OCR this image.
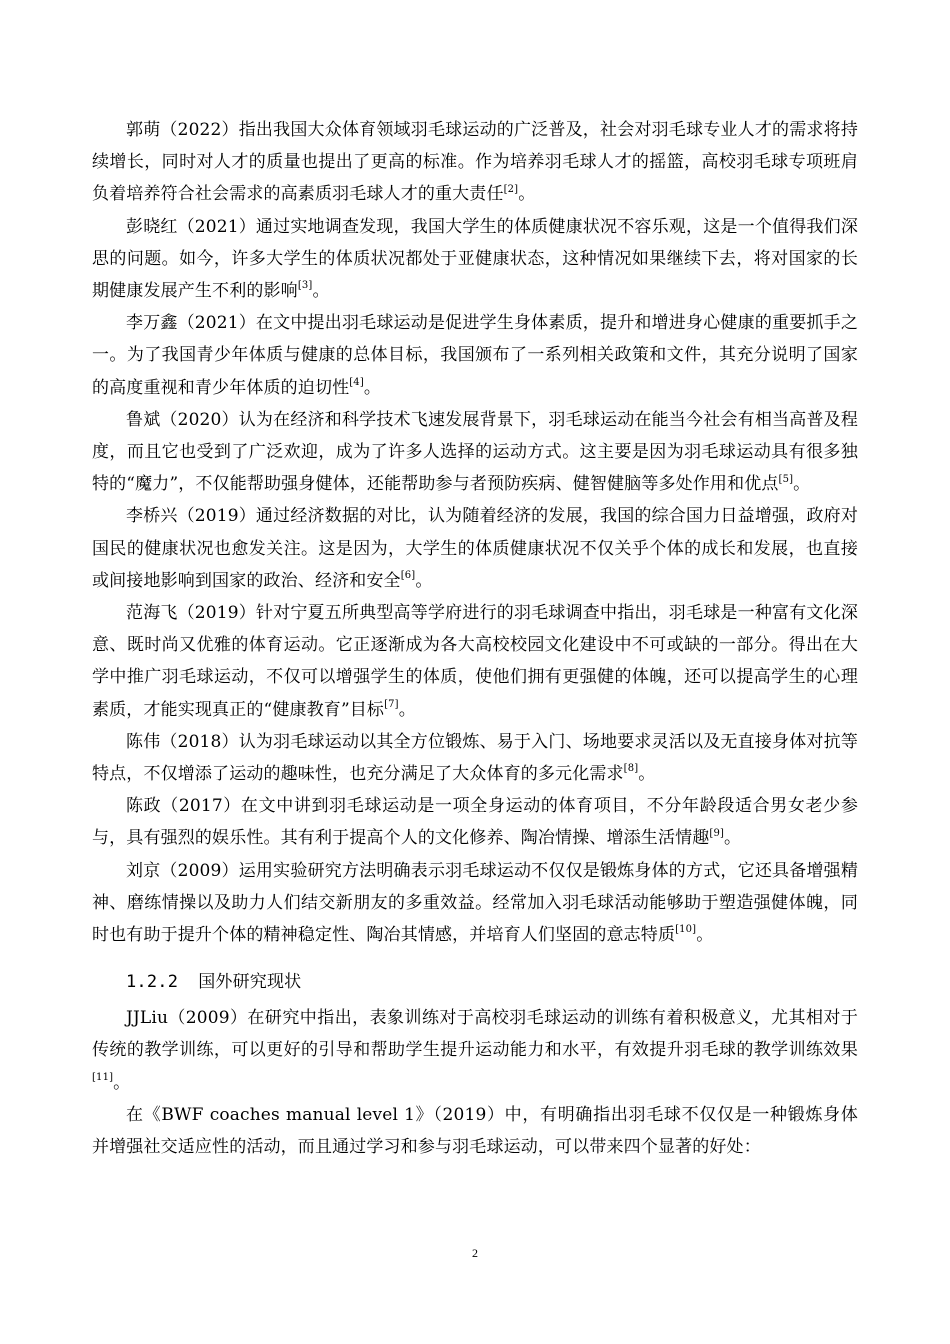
郭萌（2022）指出我国大众体育领域羽毛球运动的广泛普及，社会对羽毛球专业人才的需求将持续增长，同时对人才的质量也提出了更高的标准。作为培养羽毛球人才的摇篮，高校羽毛球专项班肩负着培养符合社会需求的高素质羽毛球人才的重大责任[2]。

彭晓红（2021）通过实地调查发现，我国大学生的体质健康状况不容乐观，这是一个值得我们深思的问题。如今，许多大学生的体质状况都处于亚健康状态，这种情况如果继续下去，将对国家的长期健康发展产生不利的影响[3]。

李万鑫（2021）在文中提出羽毛球运动是促进学生身体素质，提升和增进身心健康的重要抓手之一。为了我国青少年体质与健康的总体目标，我国颁布了一系列相关政策和文件，其充分说明了国家的高度重视和青少年体质的迫切性[4]。

鲁斌（2020）认为在经济和科学技术飞速发展背景下，羽毛球运动在能当今社会有相当高普及程度，而且它也受到了广泛欢迎，成为了许多人选择的运动方式。这主要是因为羽毛球运动具有很多独特的“魔力”，不仅能帮助强身健体，还能帮助参与者预防疾病、健智健脑等多处作用和优点[5]。

李桥兴（2019）通过经济数据的对比，认为随着经济的发展，我国的综合国力日益增强，政府对国民的健康状况也愈发关注。这是因为，大学生的体质健康状况不仅关乎个体的成长和发展，也直接或间接地影响到国家的政治、经济和安全[6]。

范海飞（2019）针对宁夏五所典型高等学府进行的羽毛球调查中指出，羽毛球是一种富有文化深意、既时尚又优雅的体育运动。它正逐渐成为各大高校校园文化建设中不可或缺的一部分。得出在大学中推广羽毛球运动，不仅可以增强学生的体质，使他们拥有更强健的体魄，还可以提高学生的心理素质，才能实现真正的“健康教育”目标[7]。

陈伟（2018）认为羽毛球运动以其全方位锻炼、易于入门、场地要求灵活以及无直接身体对抗等特点，不仅增添了运动的趣味性，也充分满足了大众体育的多元化需求[8]。

陈政（2017）在文中讲到羽毛球运动是一项全身运动的体育项目，不分年龄段适合男女老少参与，具有强烈的娱乐性。其有利于提高个人的文化修养、陶冶情操、增添生活情趣[9]。

刘京（2009）运用实验研究方法明确表示羽毛球运动不仅仅是锻炼身体的方式，它还具备增强精神、磨练情操以及助力人们结交新朋友的多重效益。经常加入羽毛球活动能够助于塑造强健体魄，同时也有助于提升个体的精神稳定性、陶冶其情感，并培育人们坚固的意志特质[10]。

1.2.2 国外研究现状

JJLiu（2009）在研究中指出，表象训练对于高校羽毛球运动的训练有着积极意义，尤其相对于传统的教学训练，可以更好的引导和帮助学生提升运动能力和水平，有效提升羽毛球的教学训练效果[11]。

在《BWF coaches manual level 1》（2019）中，有明确指出羽毛球不仅仅是一种锻炼身体并增强社交适应性的活动，而且通过学习和参与羽毛球运动，可以带来四个显著的好处：

2
